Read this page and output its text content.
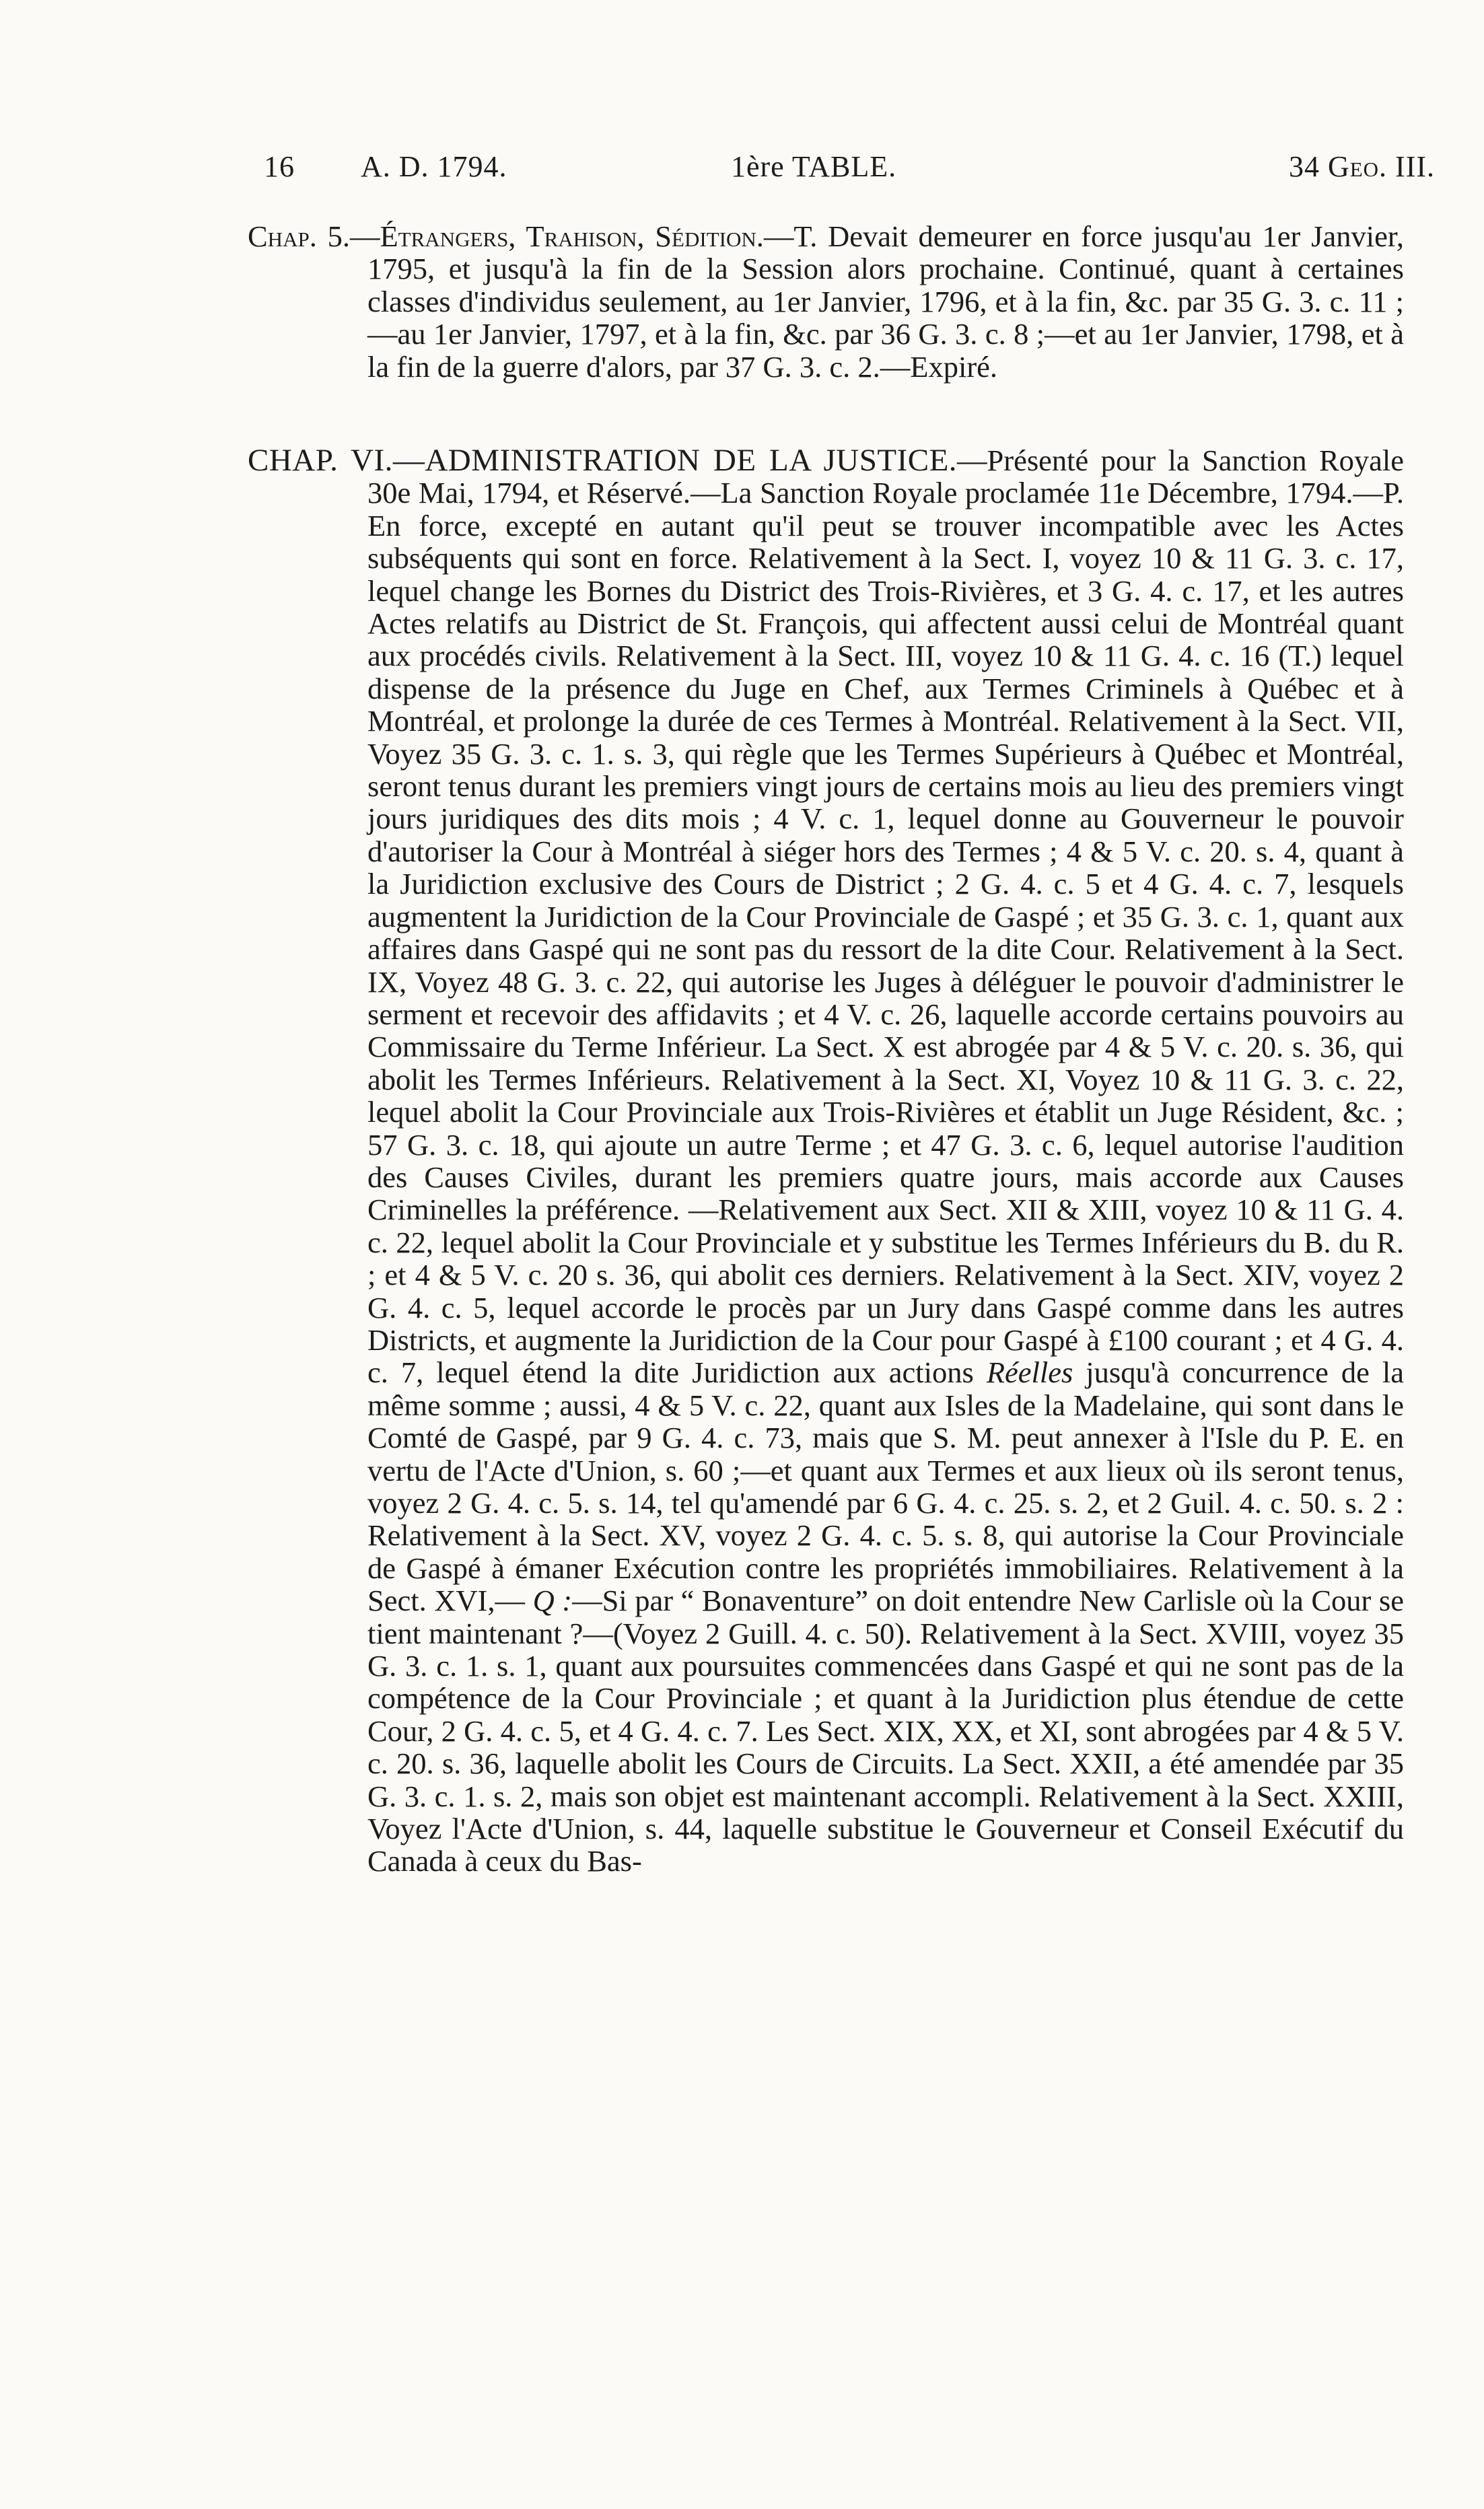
16 A. D. 1794.	1ère TABLE.	34 Geo. III.

Chap. 5.—Étrangers, Trahison, Sédition.—T. Devait demeurer en force jusqu'au 1er Janvier, 1795, et jusqu'à la fin de la Session alors prochaine. Continué, quant à certaines classes d'individus seulement, au 1er Janvier, 1796, et à la fin, &c. par 35 G. 3. c. 11 ;—au 1er Janvier, 1797, et à la fin, &c. par 36 G. 3. c. 8 ;—et au 1er Janvier, 1798, et à la fin de la guerre d'alors, par 37 G. 3. c. 2.—Expiré.

CHAP. VI.—ADMINISTRATION DE LA JUSTICE.—Présenté pour la Sanction Royale 30e Mai, 1794, et Réservé.—La Sanction Royale proclamée 11e Décembre, 1794.—P. En force, excepté en autant qu'il peut se trouver incompatible avec les Actes subséquents qui sont en force. Relativement à la Sect. I, voyez 10 & 11 G. 3. c. 17, lequel change les Bornes du District des Trois-Rivières, et 3 G. 4. c. 17, et les autres Actes relatifs au District de St. François, qui affectent aussi celui de Montréal quant aux procédés civils. Relativement à la Sect. III, voyez 10 & 11 G. 4. c. 16 (T.) lequel dispense de la présence du Juge en Chef, aux Termes Criminels à Québec et à Montréal, et prolonge la durée de ces Termes à Montréal. Relativement à la Sect. VII, Voyez 35 G. 3. c. 1. s. 3, qui règle que les Termes Supérieurs à Québec et Montréal, seront tenus durant les premiers vingt jours de certains mois au lieu des premiers vingt jours juridiques des dits mois ; 4 V. c. 1, lequel donne au Gouverneur le pouvoir d'autoriser la Cour à Montréal à siéger hors des Termes ; 4 & 5 V. c. 20. s. 4, quant à la Juridiction exclusive des Cours de District ; 2 G. 4. c. 5 et 4 G. 4. c. 7, lesquels augmentent la Juridiction de la Cour Provinciale de Gaspé ; et 35 G. 3. c. 1, quant aux affaires dans Gaspé qui ne sont pas du ressort de la dite Cour. Relativement à la Sect. IX, Voyez 48 G. 3. c. 22, qui autorise les Juges à déléguer le pouvoir d'administrer le serment et recevoir des affidavits ; et 4 V. c. 26, laquelle accorde certains pouvoirs au Commissaire du Terme Inférieur. La Sect. X est abrogée par 4 & 5 V. c. 20. s. 36, qui abolit les Termes Inférieurs. Relativement à la Sect. XI, Voyez 10 & 11 G. 3. c. 22, lequel abolit la Cour Provinciale aux Trois-Rivières et établit un Juge Résident, &c. ; 57 G. 3. c. 18, qui ajoute un autre Terme ; et 47 G. 3. c. 6, lequel autorise l'audition des Causes Civiles, durant les premiers quatre jours, mais accorde aux Causes Criminelles la préférence. —Relativement aux Sect. XII & XIII, voyez 10 & 11 G. 4. c. 22, lequel abolit la Cour Provinciale et y substitue les Termes Inférieurs du B. du R. ; et 4 & 5 V. c. 20 s. 36, qui abolit ces derniers. Relativement à la Sect. XIV, voyez 2 G. 4. c. 5, lequel accorde le procès par un Jury dans Gaspé comme dans les autres Districts, et augmente la Juridiction de la Cour pour Gaspé à £100 courant ; et 4 G. 4. c. 7, lequel étend la dite Juridiction aux actions Réelles jusqu'à concurrence de la même somme ; aussi, 4 & 5 V. c. 22, quant aux Isles de la Madelaine, qui sont dans le Comté de Gaspé, par 9 G. 4. c. 73, mais que S. M. peut annexer à l'Isle du P. E. en vertu de l'Acte d'Union, s. 60 ;—et quant aux Termes et aux lieux où ils seront tenus, voyez 2 G. 4. c. 5. s. 14, tel qu'amendé par 6 G. 4. c. 25. s. 2, et 2 Guil. 4. c. 50. s. 2 : Relativement à la Sect. XV, voyez 2 G. 4. c. 5. s. 8, qui autorise la Cour Provinciale de Gaspé à émaner Exécution contre les propriétés immobiliaires. Relativement à la Sect. XVI,— Q :—Si par “ Bonaventure” on doit entendre New Carlisle où la Cour se tient maintenant ?—(Voyez 2 Guill. 4. c. 50). Relativement à la Sect. XVIII, voyez 35 G. 3. c. 1. s. 1, quant aux poursuites commencées dans Gaspé et qui ne sont pas de la compétence de la Cour Provinciale ; et quant à la Juridiction plus étendue de cette Cour, 2 G. 4. c. 5, et 4 G. 4. c. 7. Les Sect. XIX, XX, et XI, sont abrogées par 4 & 5 V. c. 20. s. 36, laquelle abolit les Cours de Circuits. La Sect. XXII, a été amendée par 35 G. 3. c. 1. s. 2, mais son objet est maintenant accompli. Relativement à la Sect. XXIII, Voyez l'Acte d'Union, s. 44, laquelle substitue le Gouverneur et Conseil Exécutif du Canada à ceux du Bas-
